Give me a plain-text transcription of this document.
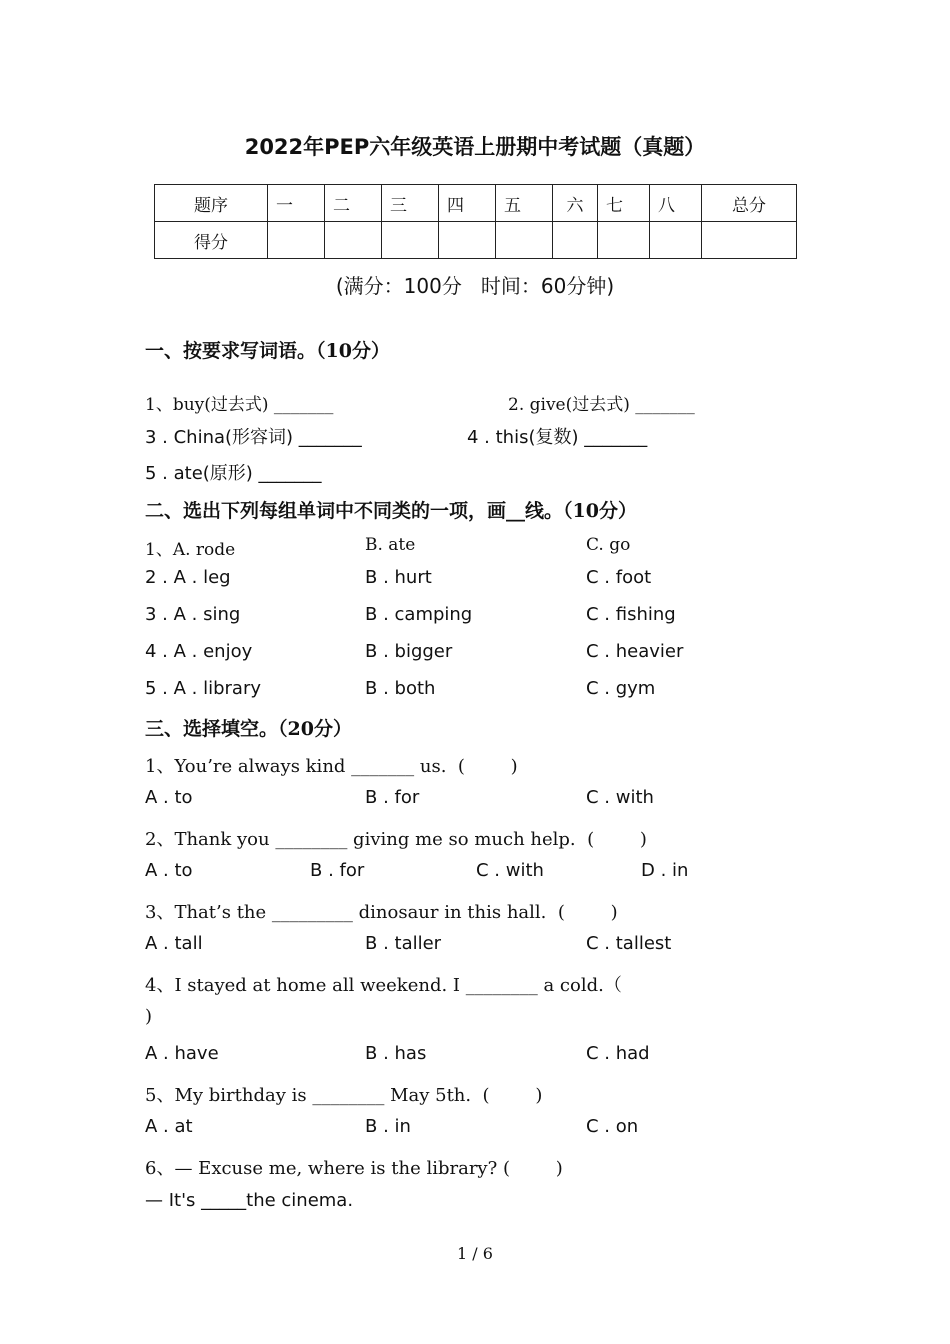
2022年PEP六年级英语上册期中考试题（真题）
题序	一	二	三	四	五	六	七	八	总分
得分									
(满分：100分   时间：60分钟)
一、按要求写词语。（10分）
1、buy(过去式) _______	2. give(过去式) _______
3 . China(形容词) _______	4 . this(复数) _______
5 . ate(原形) _______
二、选出下列每组单词中不同类的一项，画__线。（10分）
1、A. rode	B. ate	C. go
2 . A . leg	B . hurt	C . foot
3 . A . sing	B . camping	C . fishing
4 . A . enjoy	B . bigger	C . heavier
5 . A . library	B . both	C . gym
三、选择填空。（20分）
1、You’re always kind _______ us.  (        )
A . to	B . for	C . with
2、Thank you ________ giving me so much help.  (        )
A . to	B . for	C . with	D . in
3、That’s the _________ dinosaur in this hall.  (        )
A . tall	B . taller	C . tallest
4、I stayed at home all weekend. I ________ a cold.（
)
A . have	B . has	C . had
5、My birthday is ________ May 5th.  (        )
A . at	B . in	C . on
6、— Excuse me, where is the library? (        )
— It's _____the cinema.
1 / 6
